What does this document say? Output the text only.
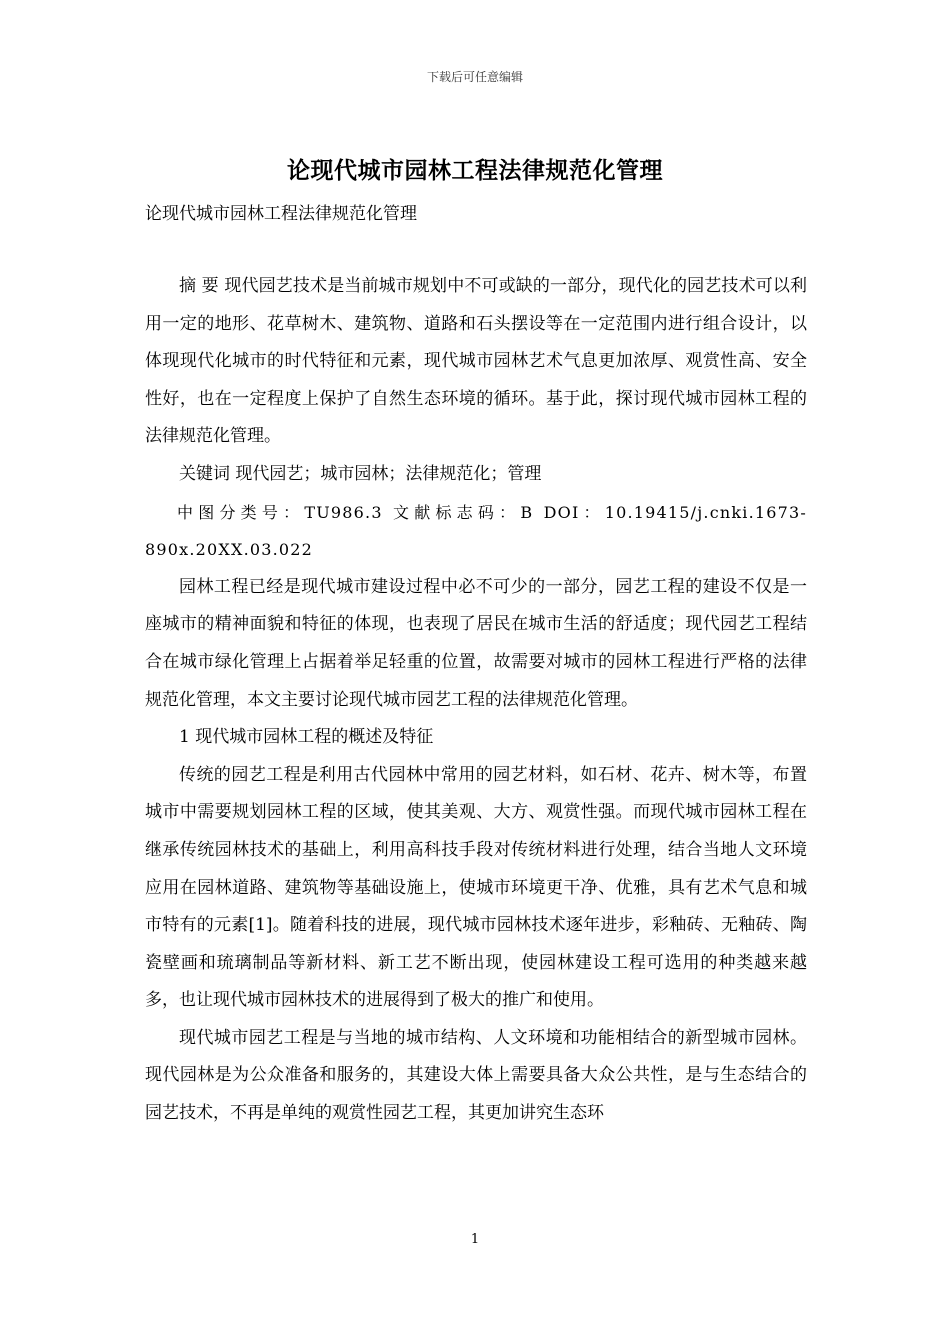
下载后可任意编辑
论现代城市园林工程法律规范化管理
论现代城市园林工程法律规范化管理

摘 要 现代园艺技术是当前城市规划中不可或缺的一部分，现代化的园艺技术可以利用一定的地形、花草树木、建筑物、道路和石头摆设等在一定范围内进行组合设计，以体现现代化城市的时代特征和元素，现代城市园林艺术气息更加浓厚、观赏性高、安全性好，也在一定程度上保护了自然生态环境的循环。基于此，探讨现代城市园林工程的法律规范化管理。

关键词 现代园艺；城市园林；法律规范化；管理

中图分类号：TU986.3 文献标志码：B DOI：10.19415/j.cnki.1673-890x.20XX.03.022

园林工程已经是现代城市建设过程中必不可少的一部分，园艺工程的建设不仅是一座城市的精神面貌和特征的体现，也表现了居民在城市生活的舒适度；现代园艺工程结合在城市绿化管理上占据着举足轻重的位置，故需要对城市的园林工程进行严格的法律规范化管理，本文主要讨论现代城市园艺工程的法律规范化管理。

1 现代城市园林工程的概述及特征

传统的园艺工程是利用古代园林中常用的园艺材料，如石材、花卉、树木等，布置城市中需要规划园林工程的区域，使其美观、大方、观赏性强。而现代城市园林工程在继承传统园林技术的基础上，利用高科技手段对传统材料进行处理，结合当地人文环境应用在园林道路、建筑物等基础设施上，使城市环境更干净、优雅，具有艺术气息和城市特有的元素[1]。随着科技的进展，现代城市园林技术逐年进步，彩釉砖、无釉砖、陶瓷壁画和琉璃制品等新材料、新工艺不断出现，使园林建设工程可选用的种类越来越多，也让现代城市园林技术的进展得到了极大的推广和使用。

现代城市园艺工程是与当地的城市结构、人文环境和功能相结合的新型城市园林。现代园林是为公众准备和服务的，其建设大体上需要具备大众公共性，是与生态结合的园艺技术，不再是单纯的观赏性园艺工程，其更加讲究生态环

1
